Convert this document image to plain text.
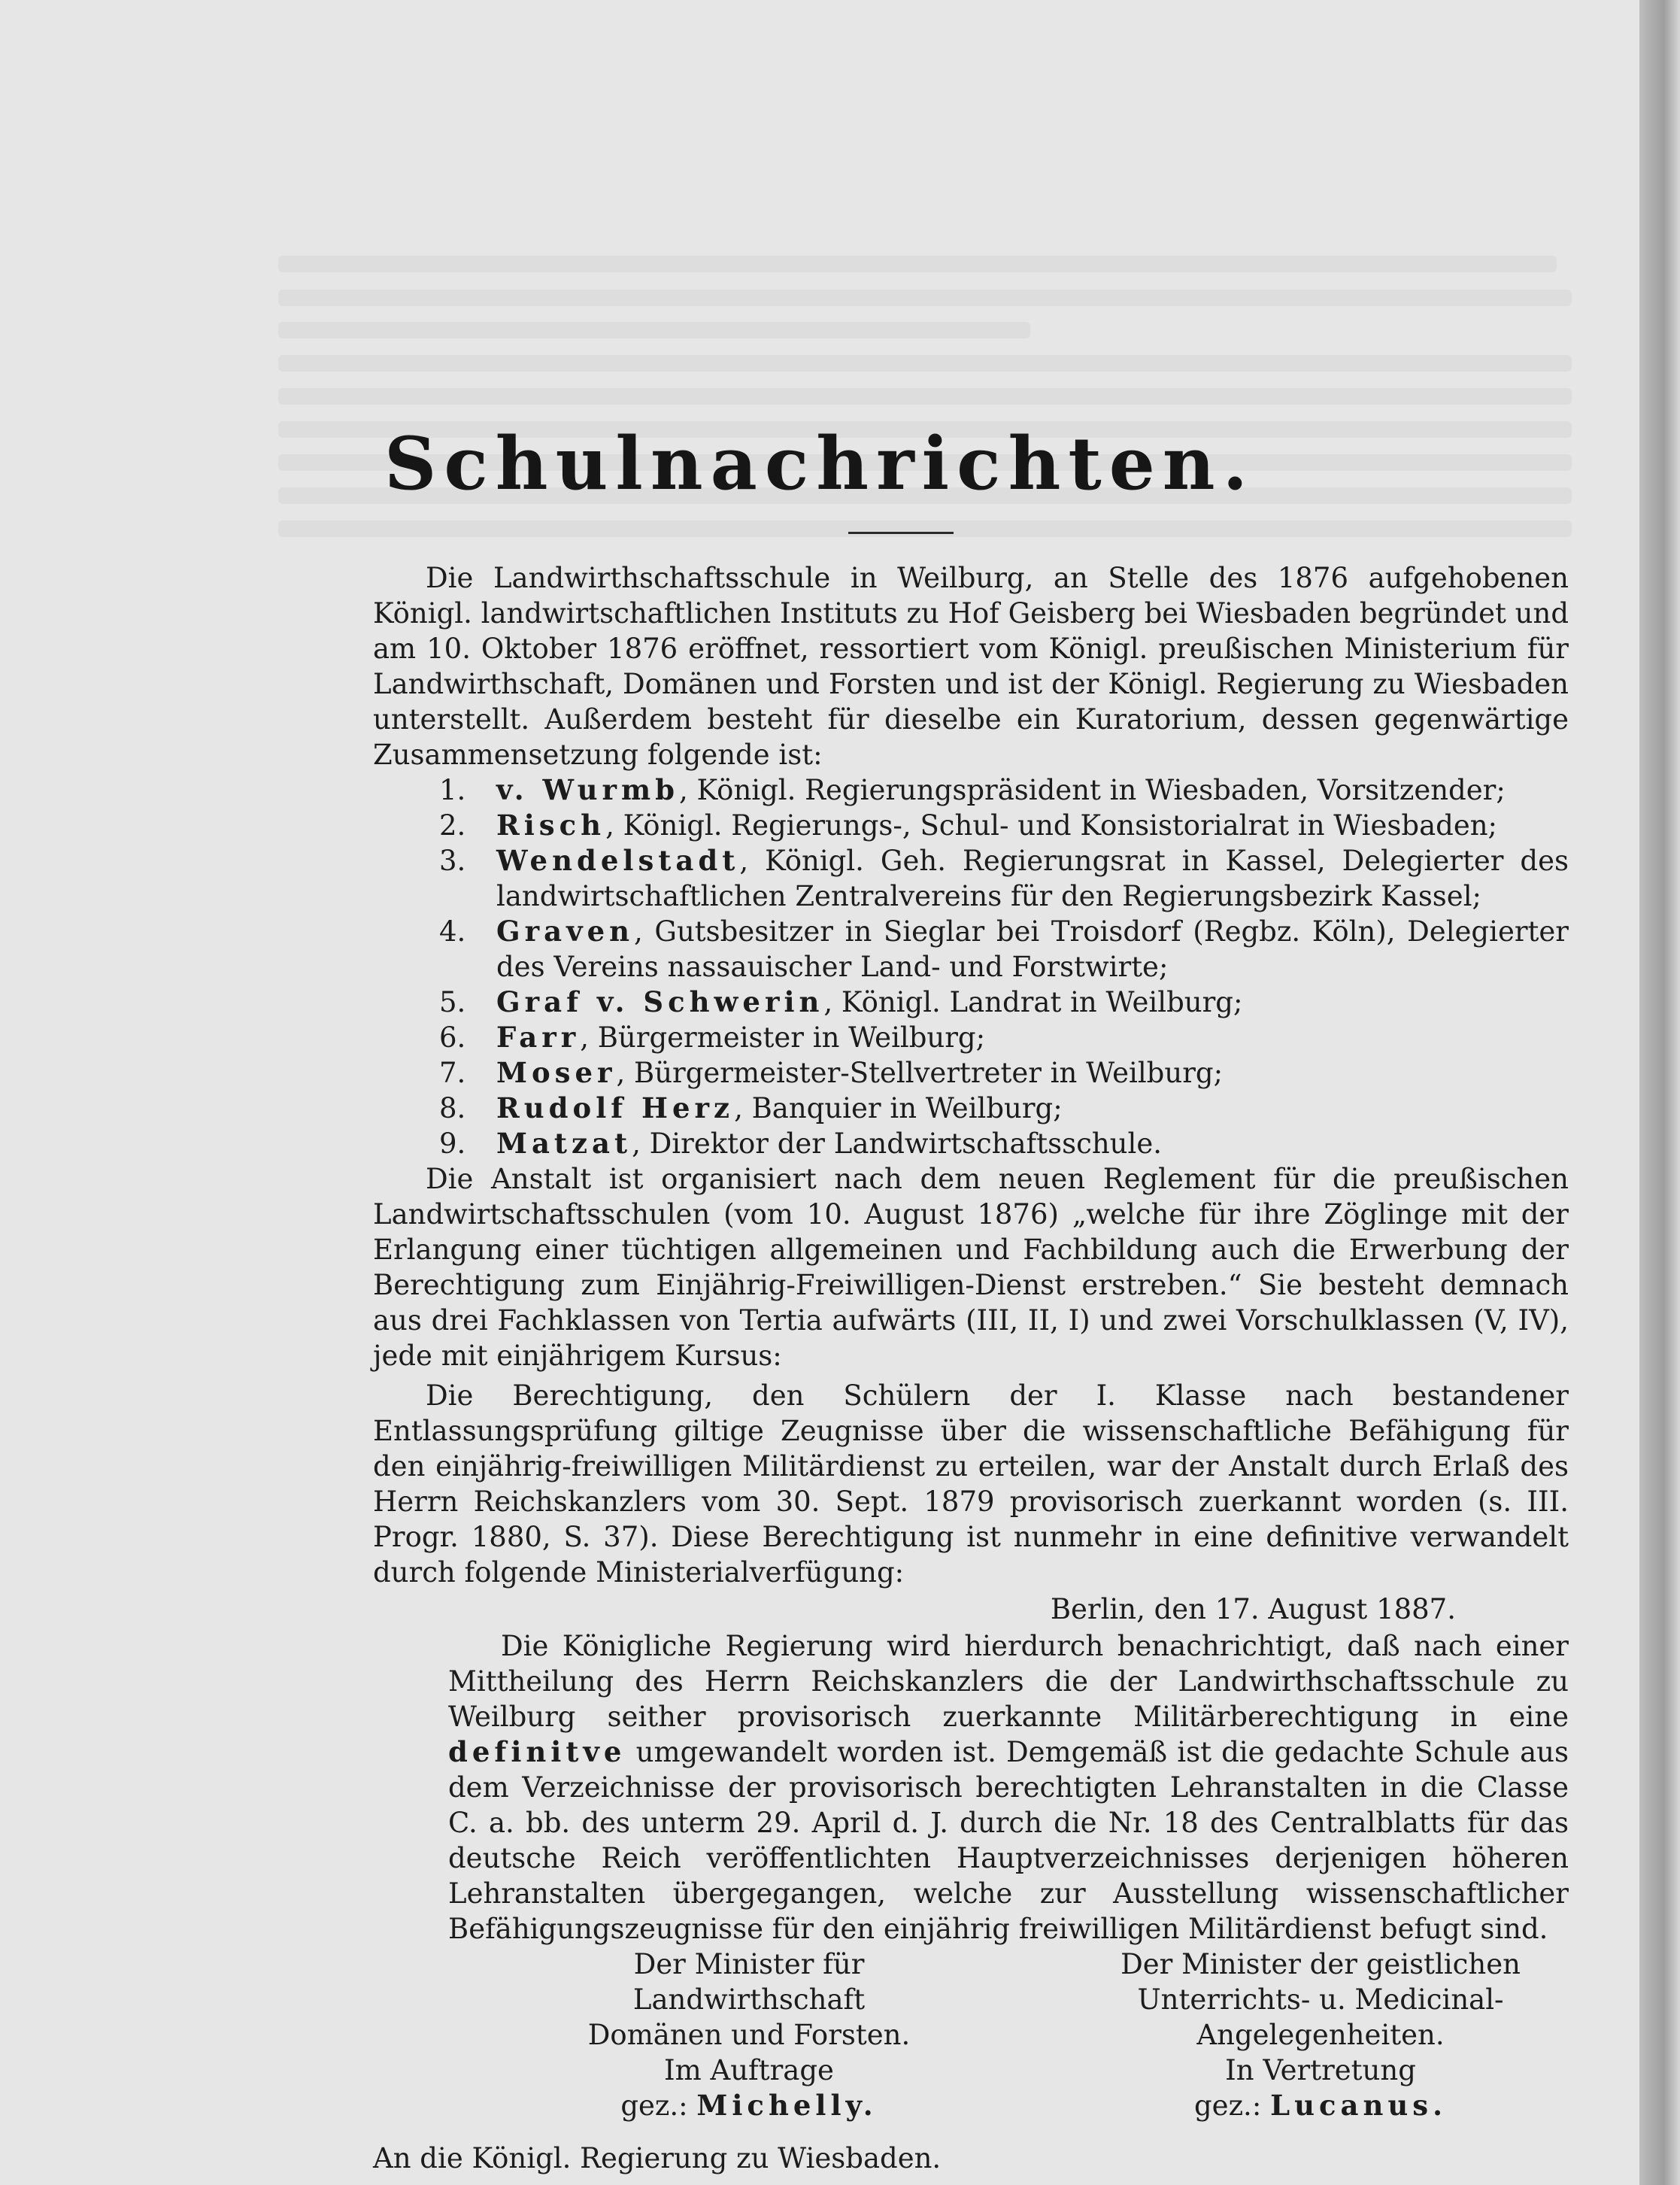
Schulnachrichten.

Die Landwirthschaftsschule in Weilburg, an Stelle des 1876 aufgehobenen Königl. landwirtschaftlichen Instituts zu Hof Geisberg bei Wiesbaden begründet und am 10. Oktober 1876 eröffnet, ressortiert vom Königl. preußischen Ministerium für Landwirthschaft, Domänen und Forsten und ist der Königl. Regierung zu Wiesbaden unterstellt. Außerdem besteht für dieselbe ein Kuratorium, dessen gegenwärtige Zusammensetzung folgende ist:

1. v. Wurmb, Königl. Regierungspräsident in Wiesbaden, Vorsitzender;
2. Risch, Königl. Regierungs-, Schul- und Konsistorialrat in Wiesbaden;
3. Wendelstadt, Königl. Geh. Regierungsrat in Kassel, Delegierter des landwirtschaftlichen Zentralvereins für den Regierungsbezirk Kassel;
4. Graven, Gutsbesitzer in Sieglar bei Troisdorf (Regbz. Köln), Delegierter des Vereins nassauischer Land- und Forstwirte;
5. Graf v. Schwerin, Königl. Landrat in Weilburg;
6. Farr, Bürgermeister in Weilburg;
7. Moser, Bürgermeister-Stellvertreter in Weilburg;
8. Rudolf Herz, Banquier in Weilburg;
9. Matzat, Direktor der Landwirtschaftsschule.

Die Anstalt ist organisiert nach dem neuen Reglement für die preußischen Landwirtschaftsschulen (vom 10. August 1876) „welche für ihre Zöglinge mit der Erlangung einer tüchtigen allgemeinen und Fachbildung auch die Erwerbung der Berechtigung zum Einjährig-Freiwilligen-Dienst erstreben.“ Sie besteht demnach aus drei Fachklassen von Tertia aufwärts (III, II, I) und zwei Vorschulklassen (V, IV), jede mit einjährigem Kursus:

Die Berechtigung, den Schülern der I. Klasse nach bestandener Entlassungsprüfung giltige Zeugnisse über die wissenschaftliche Befähigung für den einjährig-freiwilligen Militärdienst zu erteilen, war der Anstalt durch Erlaß des Herrn Reichskanzlers vom 30. Sept. 1879 provisorisch zuerkannt worden (s. III. Progr. 1880, S. 37). Diese Berechtigung ist nunmehr in eine definitive verwandelt durch folgende Ministerialverfügung:

Berlin, den 17. August 1887.

Die Königliche Regierung wird hierdurch benachrichtigt, daß nach einer Mittheilung des Herrn Reichskanzlers die der Landwirthschaftsschule zu Weilburg seither provisorisch zuerkannte Militärberechtigung in eine definitve umgewandelt worden ist. Demgemäß ist die gedachte Schule aus dem Verzeichnisse der provisorisch berechtigten Lehranstalten in die Classe C. a. bb. des unterm 29. April d. J. durch die Nr. 18 des Centralblatts für das deutsche Reich veröffentlichten Hauptverzeichnisses derjenigen höheren Lehranstalten übergegangen, welche zur Ausstellung wissenschaftlicher Befähigungszeugnisse für den einjährig freiwilligen Militärdienst befugt sind.

Der Minister für Landwirthschaft
Domänen und Forsten.
Im Auftrage
gez.: Michelly.
Der Minister der geistlichen
Unterrichts- u. Medicinal-Angelegenheiten.
In Vertretung
gez.: Lucanus.

An die Königl. Regierung zu Wiesbaden.
